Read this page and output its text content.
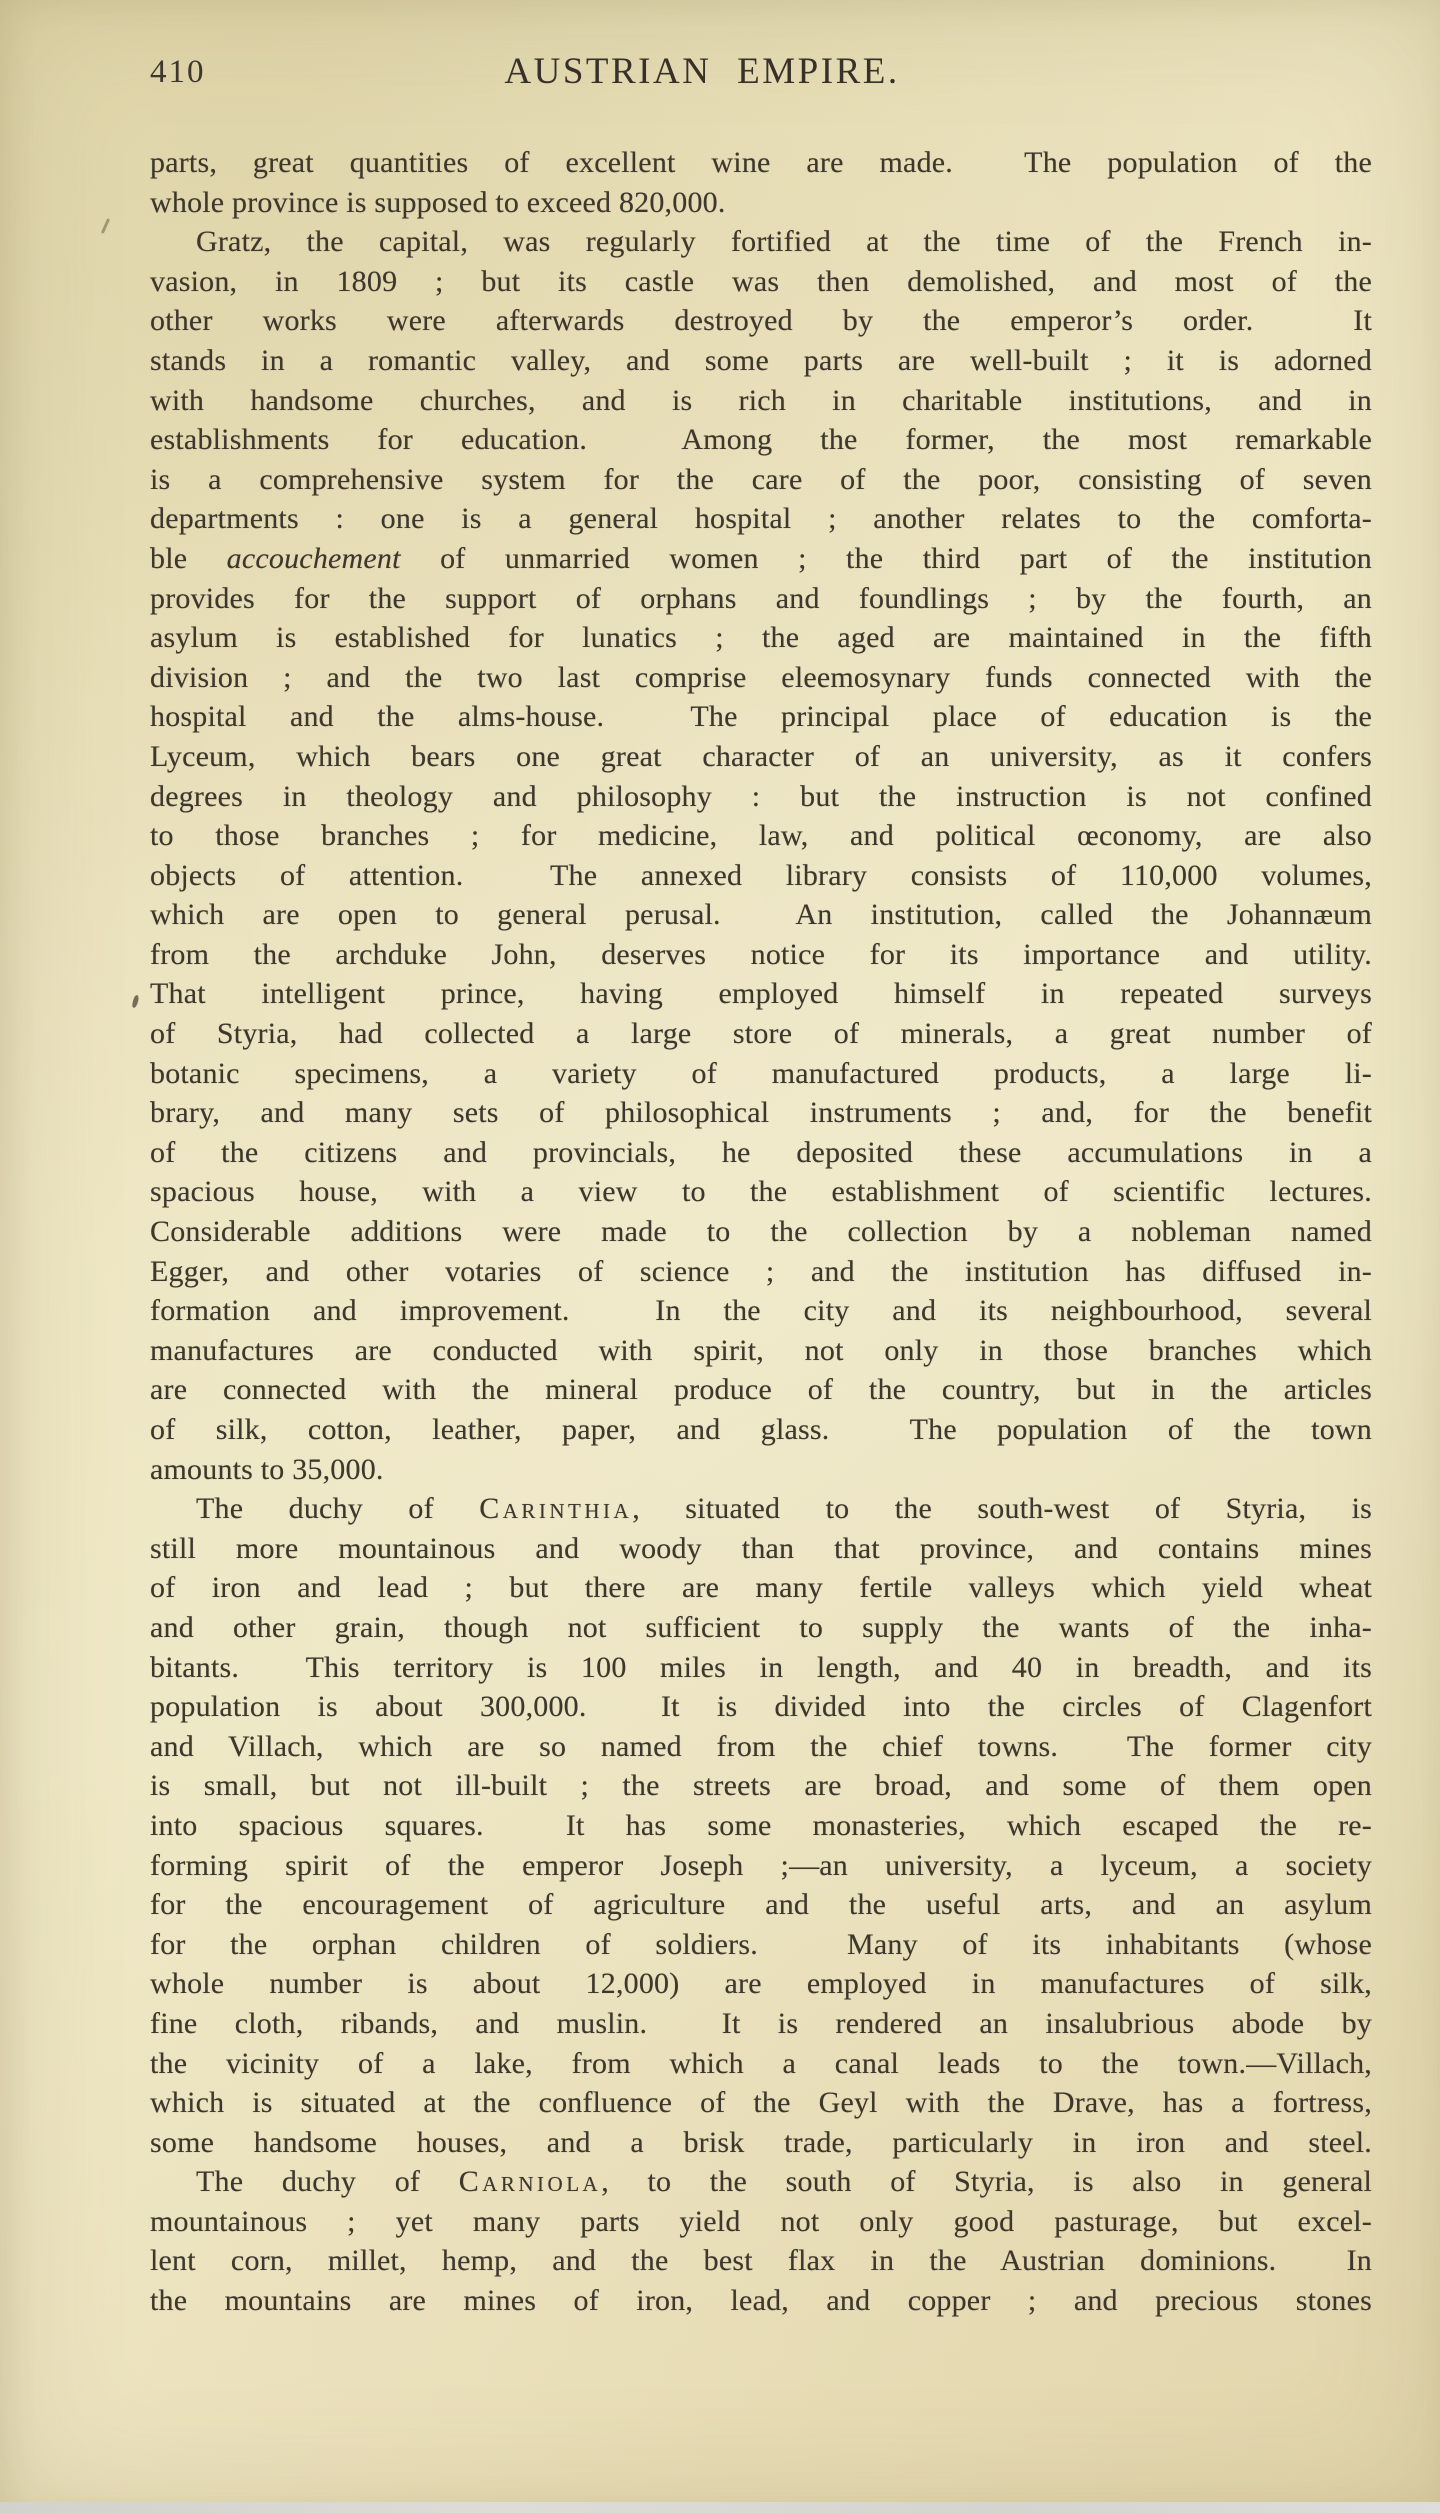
410	AUSTRIAN EMPIRE.
parts, great quantities of excellent wine are made.  The population of the
whole province is supposed to exceed 820,000.
Gratz, the capital, was regularly fortified at the time of the French in-
vasion, in 1809 ; but its castle was then demolished, and most of the
other works were afterwards destroyed by the emperor’s order.  It
stands in a romantic valley, and some parts are well-built ; it is adorned
with handsome churches, and is rich in charitable institutions, and in
establishments for education.  Among the former, the most remarkable
is a comprehensive system for the care of the poor, consisting of seven
departments : one is a general hospital ; another relates to the comforta-
ble accouchement of unmarried women ; the third part of the institution
provides for the support of orphans and foundlings ; by the fourth, an
asylum is established for lunatics ; the aged are maintained in the fifth
division ; and the two last comprise eleemosynary funds connected with the
hospital and the alms-house.  The principal place of education is the
Lyceum, which bears one great character of an university, as it confers
degrees in theology and philosophy : but the instruction is not confined
to those branches ; for medicine, law, and political œconomy, are also
objects of attention.  The annexed library consists of 110,000 volumes,
which are open to general perusal.  An institution, called the Johannæum
from the archduke John, deserves notice for its importance and utility.
That intelligent prince, having employed himself in repeated surveys
of Styria, had collected a large store of minerals, a great number of
botanic specimens, a variety of manufactured products, a large li-
brary, and many sets of philosophical instruments ; and, for the benefit
of the citizens and provincials, he deposited these accumulations in a
spacious house, with a view to the establishment of scientific lectures.
Considerable additions were made to the collection by a nobleman named
Egger, and other votaries of science ; and the institution has diffused in-
formation and improvement.  In the city and its neighbourhood, several
manufactures are conducted with spirit, not only in those branches which
are connected with the mineral produce of the country, but in the articles
of silk, cotton, leather, paper, and glass.  The population of the town
amounts to 35,000.
The duchy of Carinthia, situated to the south-west of Styria, is
still more mountainous and woody than that province, and contains mines
of iron and lead ; but there are many fertile valleys which yield wheat
and other grain, though not sufficient to supply the wants of the inha-
bitants.  This territory is 100 miles in length, and 40 in breadth, and its
population is about 300,000.  It is divided into the circles of Clagenfort
and Villach, which are so named from the chief towns.  The former city
is small, but not ill-built ; the streets are broad, and some of them open
into spacious squares.  It has some monasteries, which escaped the re-
forming spirit of the emperor Joseph ;—an university, a lyceum, a society
for the encouragement of agriculture and the useful arts, and an asylum
for the orphan children of soldiers.  Many of its inhabitants (whose
whole number is about 12,000) are employed in manufactures of silk,
fine cloth, ribands, and muslin.  It is rendered an insalubrious abode by
the vicinity of a lake, from which a canal leads to the town.—Villach,
which is situated at the confluence of the Geyl with the Drave, has a fortress,
some handsome houses, and a brisk trade, particularly in iron and steel.
The duchy of Carniola, to the south of Styria, is also in general
mountainous ; yet many parts yield not only good pasturage, but excel-
lent corn, millet, hemp, and the best flax in the Austrian dominions.  In
the mountains are mines of iron, lead, and copper ; and precious stones
